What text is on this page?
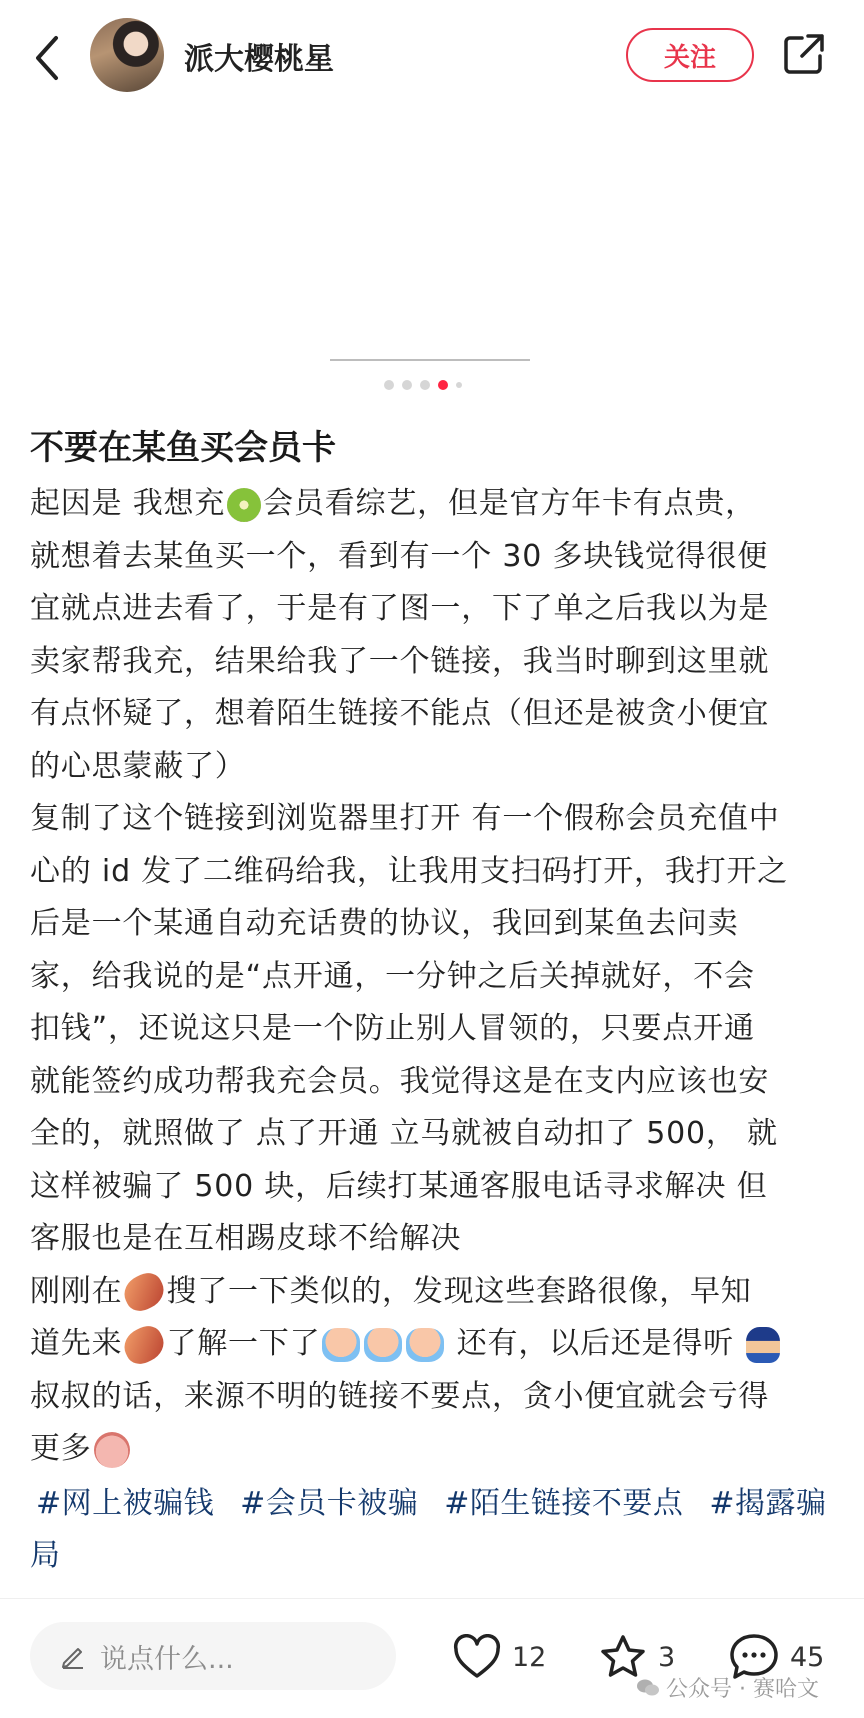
派大樱桃星	关注
不要在某鱼买会员卡
起因是 我想充 会员看综艺，但是官方年卡有点贵，
就想着去某鱼买一个，看到有一个 30 多块钱觉得很便
宜就点进去看了，于是有了图一，下了单之后我以为是
卖家帮我充，结果给我了一个链接，我当时聊到这里就
有点怀疑了，想着陌生链接不能点（但还是被贪小便宜
的心思蒙蔽了）
复制了这个链接到浏览器里打开 有一个假称会员充值中
心的 id 发了二维码给我，让我用支扫码打开，我打开之
后是一个某通自动充话费的协议，我回到某鱼去问卖
家，给我说的是“点开通，一分钟之后关掉就好，不会
扣钱”，还说这只是一个防止别人冒领的，只要点开通
就能签约成功帮我充会员。我觉得这是在支内应该也安
全的，就照做了 点了开通 立马就被自动扣了 500， 就
这样被骗了 500 块，后续打某通客服电话寻求解决 但
客服也是在互相踢皮球不给解决
刚刚在 搜了一下类似的，发现这些套路很像，早知
道先来 了解一下了	还有，以后还是得听
叔叔的话，来源不明的链接不要点，贪小便宜就会亏得
更多
#网上被骗钱 #会员卡被骗 #陌生链接不要点 #揭露骗局
说点什么...	12	3	45
公众号 · 赛哈文
